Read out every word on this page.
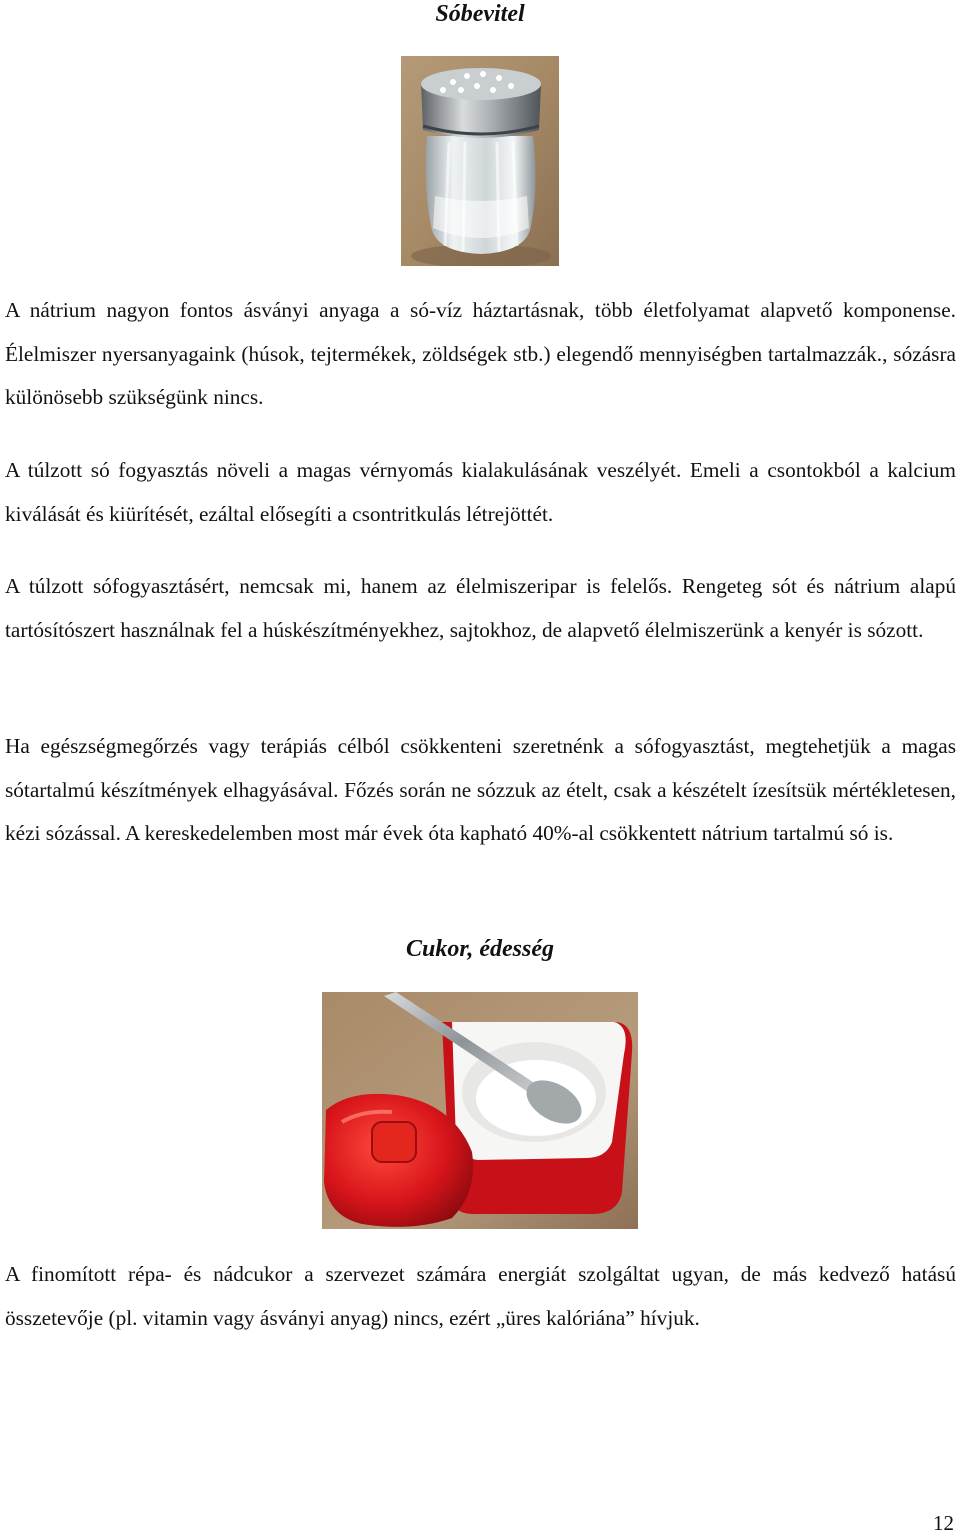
Sóbevitel

A nátrium nagyon fontos ásványi anyaga a só-víz háztartásnak, több életfolyamat alapvető komponense. Élelmiszer nyersanyagaink (húsok, tejtermékek, zöldségek stb.) elegendő mennyiségben tartalmazzák., sózásra különösebb szükségünk nincs.

A túlzott só fogyasztás növeli a magas vérnyomás kialakulásának veszélyét. Emeli a csontokból a kalcium kiválását és kiürítését, ezáltal elősegíti a csontritkulás létrejöttét.

A túlzott sófogyasztásért, nemcsak mi, hanem az élelmiszeripar is felelős. Rengeteg sót és nátrium alapú tartósítószert használnak fel a húskészítményekhez, sajtokhoz, de alapvető élelmiszerünk a kenyér is sózott.

Ha egészségmegőrzés vagy terápiás célból csökkenteni szeretnénk a sófogyasztást, megtehetjük a magas sótartalmú készítmények elhagyásával. Főzés során ne sózzuk az ételt, csak a készételt ízesítsük mértékletesen, kézi sózással. A kereskedelemben most már évek óta kapható 40%-al csökkentett nátrium tartalmú só is.

Cukor, édesség

A finomított répa- és nádcukor a szervezet számára energiát szolgáltat ugyan, de más kedvező hatású összetevője (pl. vitamin vagy ásványi anyag) nincs, ezért „üres kalóriána” hívjuk.

12
